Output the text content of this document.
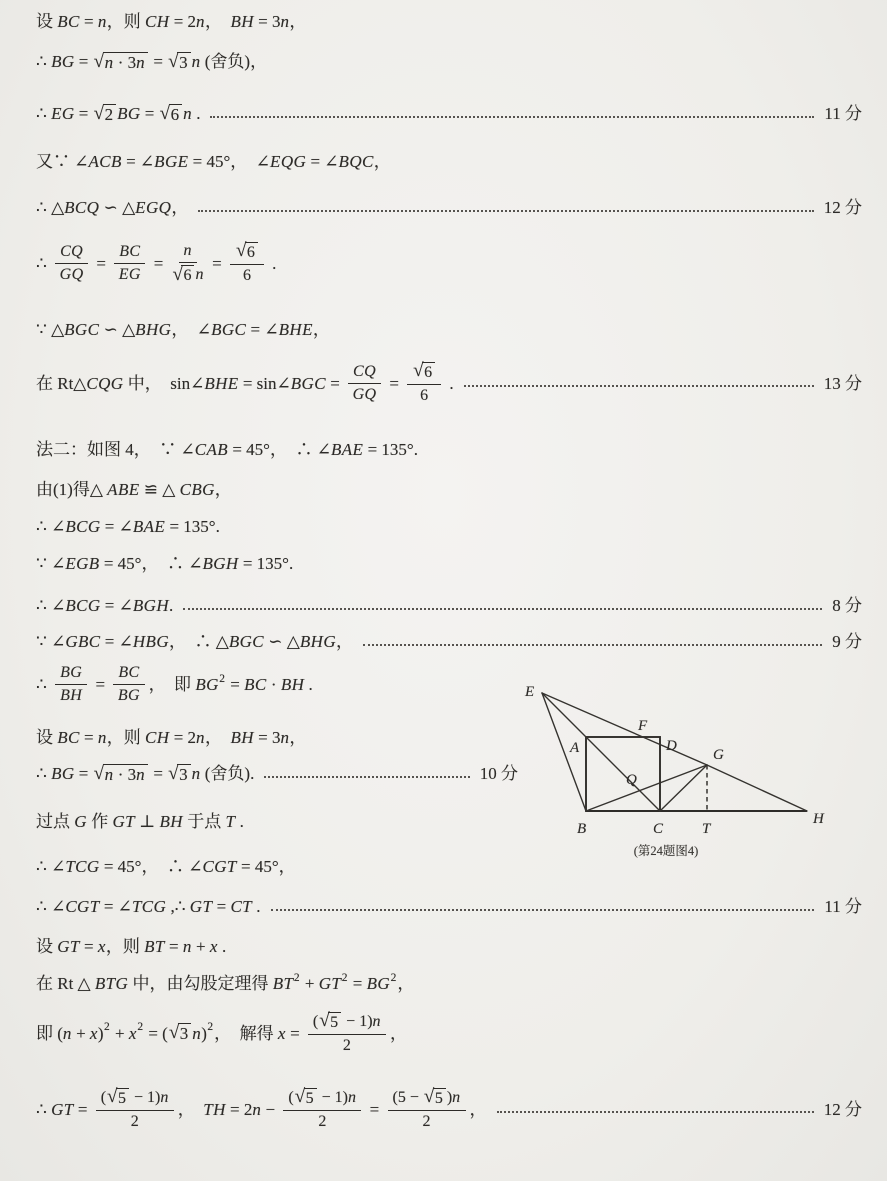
设 BC = n ，则 CH = 2 n ， BH = 3 n ，
∴ BG = √ n · 3 n = √ 3 n (舍负)，
∴ EG = √ 2 BG = √ 6 n .	11 分
又∵ ∠ ACB = ∠ BGE = 45°，  ∠ EQG = ∠ BQC ，
∴ △ BCQ ∽ △ EGQ ，	12 分
∴ $\frac{CQ}{GQ} = \frac{BC}{EG} = \frac{n}{√ 6 n} = \frac{√ 6}{6}$ .
∵ △ BGC ∽ △ BHG ，  ∠ BGC = ∠ BHE ，
在 Rt△ CQG 中，  sin∠ BHE = sin∠ BGC = $\frac{CQ}{GQ} = \frac{√ 6}{6}$ .	13 分
法二：如图 4，  ∵ ∠ CAB = 45°，  ∴ ∠ BAE = 135°.
由(1)得△ ABE ≌ △ CBG ，
∴ ∠ BCG = ∠ BAE = 135°.
∵ ∠ EGB = 45°，  ∴ ∠ BGH = 135°.
∴ ∠ BCG = ∠ BGH .	8 分
∵ ∠ GBC = ∠ HBG ，  ∴ △ BGC ∽ △ BHG ，	9 分
∴ $\frac{BG}{BH} = \frac{BC}{BG}$ ，  即 BG 2 = BC · BH .
设 BC = n ，则 CH = 2 n ， BH = 3 n ，
∴ BG = √ n · 3 n = √ 3 n (舍负).	10 分
过点 G 作 GT ⊥ BH 于点 T .
∴ ∠ TCG = 45°，  ∴ ∠ CGT = 45°，
∴ ∠ CGT = ∠ TCG ,∴ GT = CT .	11 分
设 GT = x ，则 BT = n + x .
在 Rt △ BTG 中，由勾股定理得 BT 2 + GT 2 = BG 2 ，
即 ( n + x ) 2 + x 2 = ( √ 3 n ) 2 ，  解得 $x = \frac{( √ 5 - 1) n}{2}$ ，
∴ GT = $\frac{( √ 5 - 1) n}{2}$ ， TH = 2 $n - \frac{( √ 5 - 1) n}{2} = \frac{(5 - √ 5 ) n}{2}$ ，	12 分
E
A
F
D
G
Q
B	C	T
H
(第24题图4)
